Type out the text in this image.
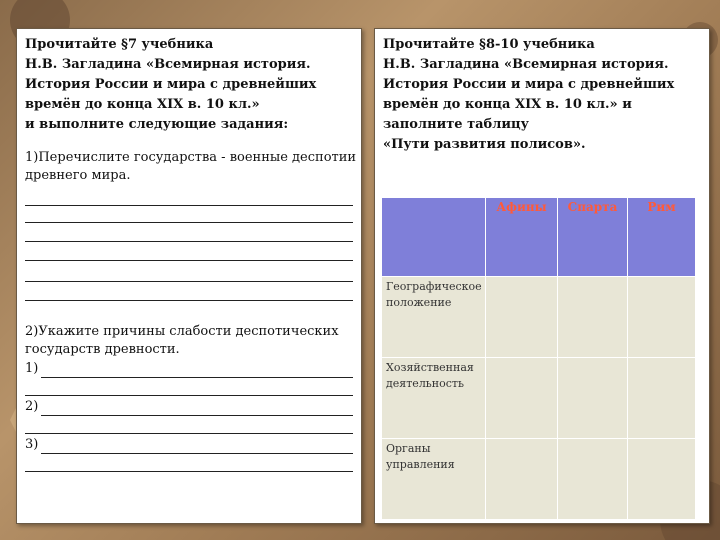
Прочитайте §7 учебника
Н.В. Загладина «Всемирная история.
История России и мира с древнейших
времён до конца XIX в. 10 кл.»
и выполните следующие задания:
1)Перечислите государства - военные деспотии
древнего мира.
2)Укажите причины слабости деспотических
государств древности.
1)
2)
3)
Прочитайте §8-10 учебника
Н.В. Загладина «Всемирная история.
История России и мира с древнейших
времён до конца XIX в. 10 кл.» и
заполните таблицу
«Пути развития полисов».
	Афины	Спарта	Рим

Географическое
положение			

Хозяйственная
деятельность			

Органы
управления			
